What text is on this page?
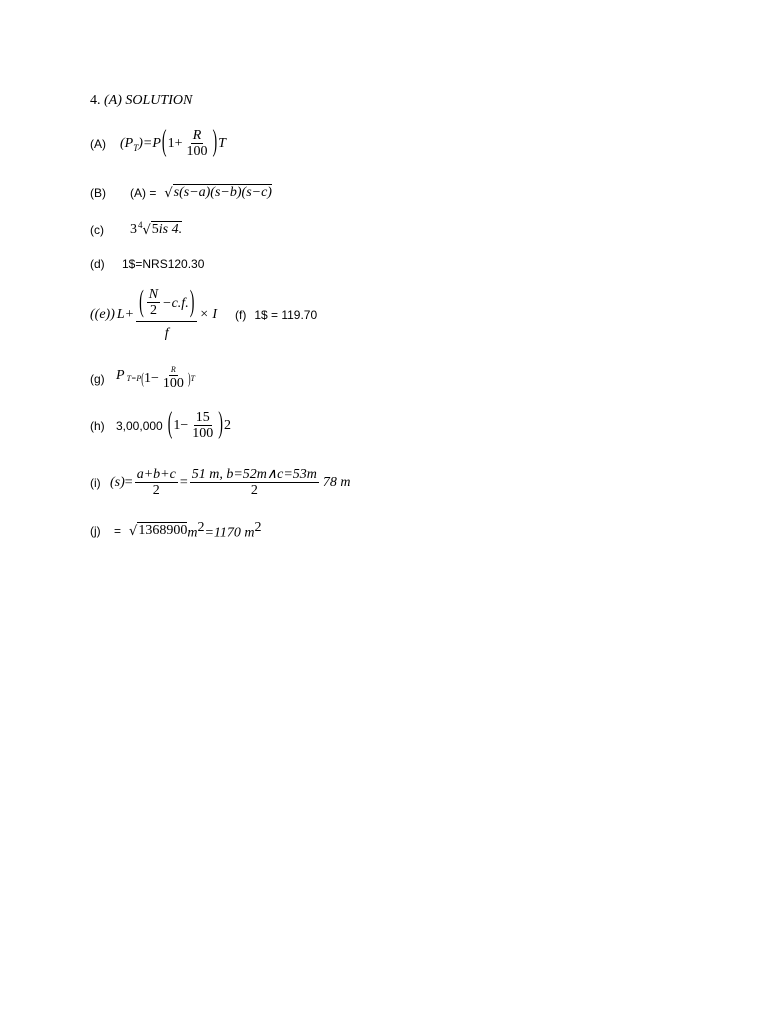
4. (A) SOLUTION
(A)	$(P_T)=P$ ( $1+ \frac{R}{100}$ ) T
(B)	(A) = √ s(s−a)(s−b)(s−c)
(c)	3 4 √ 5is 4.
(d)	1$=NRS120.30
((e)) $L+ \frac{( \frac{N}{2} -c.f. )}{f} \times I$ (f) 1$ = 119.70
(g) P T=P ( $1- \frac{R}{100}$ ) T
(h) 3,00,000 ( $1- \frac{15}{100}$ ) 2
(i) $(s) = \frac{a+b+c}{2} = \frac{51 m, b=52m\wedge c=53m}{2} 78$ m
(j)	= √ 1368900 $m^2 =1170$ $m^2$
